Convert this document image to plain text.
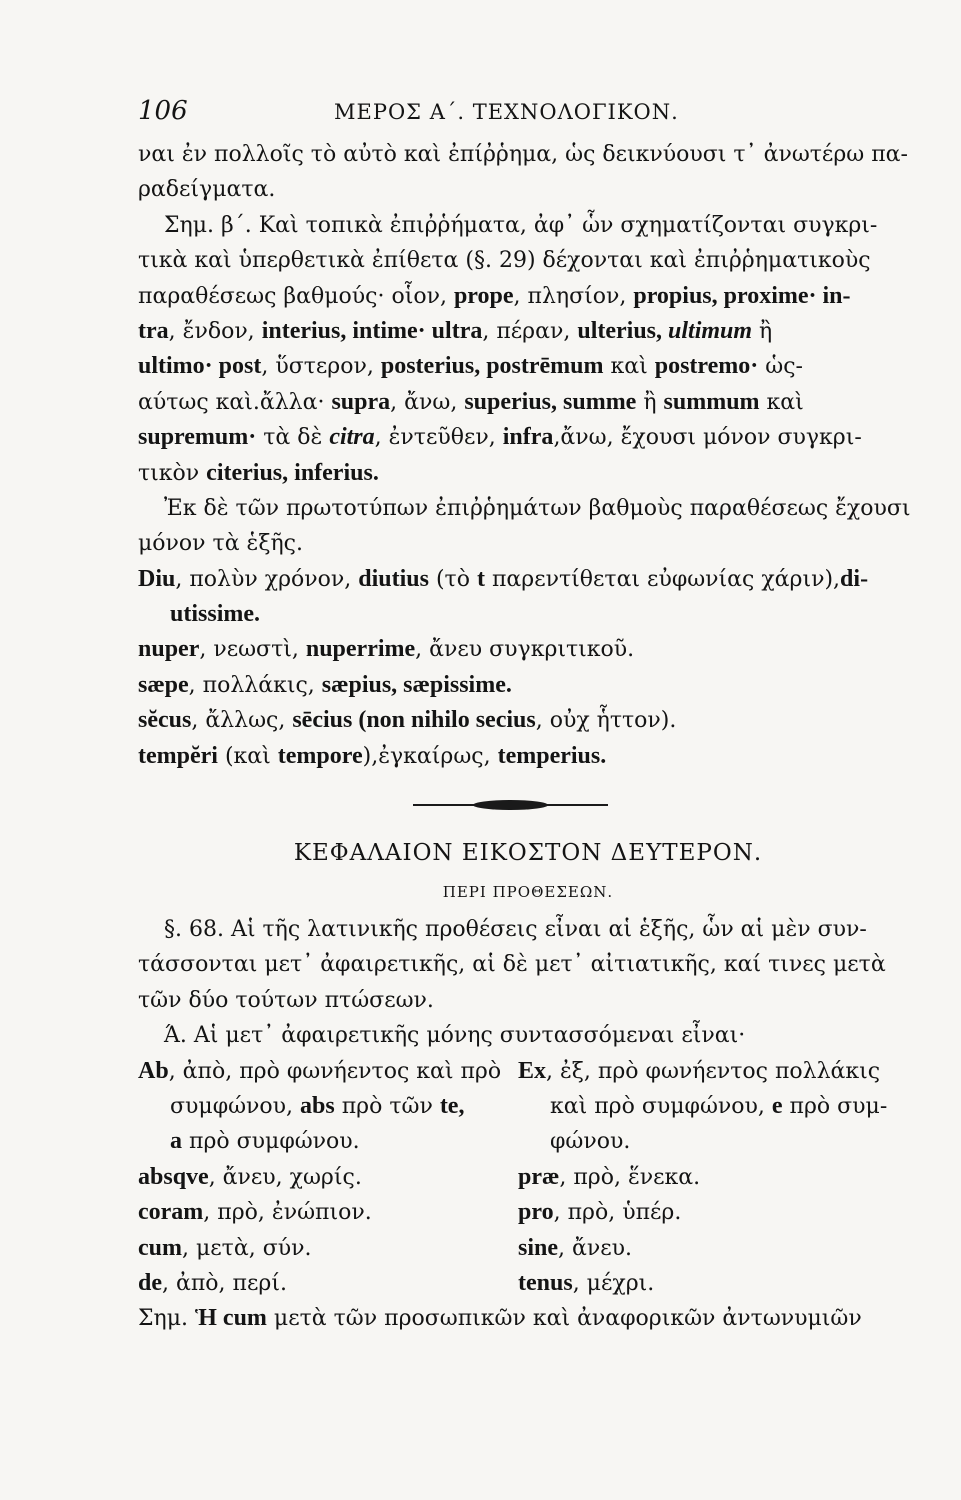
106	ΜΕΡΟΣ Α΄. ΤΕΧΝΟΛΟΓΙΚΟΝ.
ναι ἐν πολλοῖς τὸ αὐτὸ καὶ ἐπίῤῥημα, ὡς δεικνύουσι τ᾽ ἀνωτέρω πα-
ραδείγματα.
Σημ. β΄. Καὶ τοπικὰ ἐπιῤῥήματα, ἀφ᾽ ὧν σχηματίζονται συγκρι-
τικὰ καὶ ὑπερθετικὰ ἐπίθετα (§. 29) δέχονται καὶ ἐπιῤῥηματικοὺς
παραθέσεως βαθμούς· οἷον, prope, πλησίον, propius, proxime· in-
tra, ἔνδον, interius, intime· ultra, πέραν, ulterius, ultimum ἢ
ultimo· post, ὕστερον, posterius, postrēmum καὶ postremo· ὡς-
αύτως καὶ.ἄλλα· supra, ἄνω, superius, summe ἢ summum καὶ
supremum· τὰ δὲ citra, ἐντεῦθεν, infra,ἄνω, ἔχουσι μόνον συγκρι-
τικὸν citerius, inferius.
Ἐκ δὲ τῶν πρωτοτύπων ἐπιῤῥημάτων βαθμοὺς παραθέσεως ἔχουσι
μόνον τὰ ἑξῆς.
Diu, πολὺν χρόνον, diutius (τὸ t παρεντίθεται εὐφωνίας χάριν),di-
utissime.
nuper, νεωστὶ, nuperrime, ἄνευ συγκριτικοῦ.
sæpe, πολλάκις, sæpius, sæpissime.
sĕcus, ἄλλως, sēcius (non nihilo secius, οὐχ ἧττον).
tempĕri (καὶ tempore),ἐγκαίρως, temperius.
ΚΕΦΑΛΑΙΟΝ ΕΙΚΟΣΤΟΝ ΔΕΥΤΕΡΟΝ.
ΠΕΡΙ ΠΡΟΘΕΣΕΩΝ.
§. 68. Αἱ τῆς λατινικῆς προθέσεις εἶναι αἱ ἑξῆς, ὧν αἱ μὲν συν-
τάσσονται μετ᾽ ἀφαιρετικῆς, αἱ δὲ μετ᾽ αἰτιατικῆς, καί τινες μετὰ
τῶν δύο τούτων πτώσεων.
Ά. Αἱ μετ᾽ ἀφαιρετικῆς μόνης συντασσόμεναι εἶναι·
Ab, ἀπὸ, πρὸ φωνήεντος καὶ πρὸ
συμφώνου, abs πρὸ τῶν te,
a πρὸ συμφώνου.
absqve, ἄνευ, χωρίς.
coram, πρὸ, ἐνώπιον.
cum, μετὰ, σύν.
de, ἀπὸ, περί.
Ex, ἐξ, πρὸ φωνήεντος πολλάκις
καὶ πρὸ συμφώνου, e πρὸ συμ-
φώνου.
præ, πρὸ, ἕνεκα.
pro, πρὸ, ὑπέρ.
sine, ἄνευ.
tenus, μέχρι.
Σημ. Ἡ cum μετὰ τῶν προσωπικῶν καὶ ἀναφορικῶν ἀντωνυμιῶν
